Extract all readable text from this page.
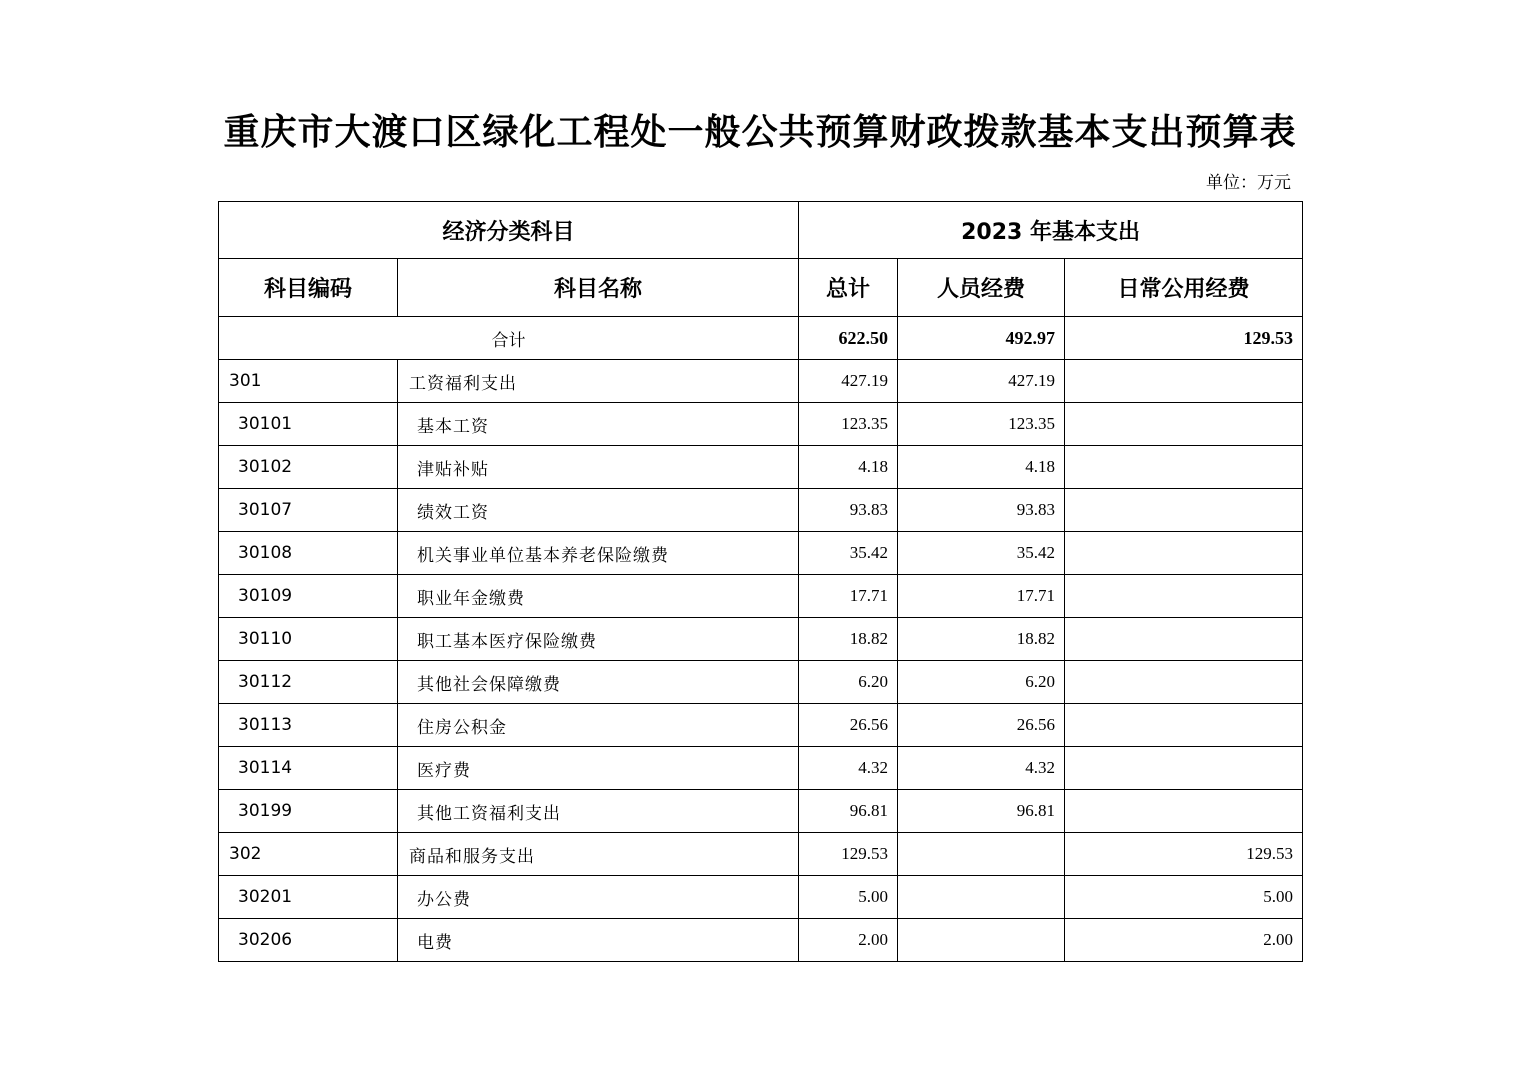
重庆市大渡口区绿化工程处一般公共预算财政拨款基本支出预算表
单位：万元
经济分类科目		2023 年基本支出		
科目编码	科目名称	总计	人员经费	日常公用经费
合计		622.50	492.97	129.53
301	工资福利支出	427.19	427.19	
30101	基本工资	123.35	123.35	
30102	津贴补贴	4.18	4.18	
30107	绩效工资	93.83	93.83	
30108	机关事业单位基本养老保险缴费	35.42	35.42	
30109	职业年金缴费	17.71	17.71	
30110	职工基本医疗保险缴费	18.82	18.82	
30112	其他社会保障缴费	6.20	6.20	
30113	住房公积金	26.56	26.56	
30114	医疗费	4.32	4.32	
30199	其他工资福利支出	96.81	96.81	
302	商品和服务支出	129.53		129.53
30201	办公费	5.00		5.00
30206	电费	2.00		2.00
